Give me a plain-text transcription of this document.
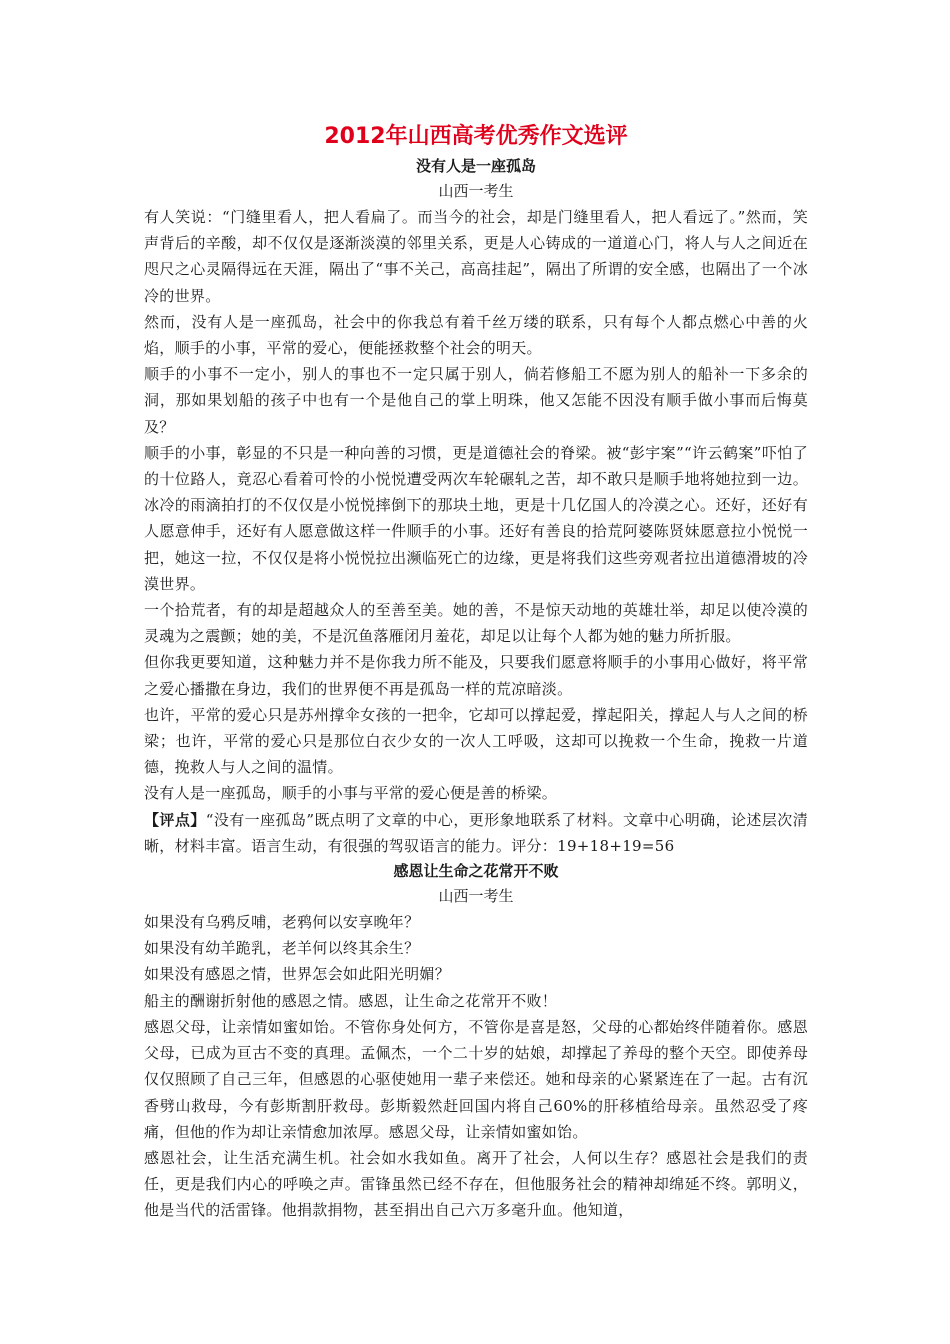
2012年山西高考优秀作文选评
没有人是一座孤岛
山西一考生

有人笑说：“门缝里看人，把人看扁了。而当今的社会，却是门缝里看人，把人看远了。”然而，笑声背后的辛酸，却不仅仅是逐渐淡漠的邻里关系，更是人心铸成的一道道心门，将人与人之间近在咫尺之心灵隔得远在天涯，隔出了“事不关己，高高挂起”，隔出了所谓的安全感，也隔出了一个冰冷的世界。

然而，没有人是一座孤岛，社会中的你我总有着千丝万缕的联系，只有每个人都点燃心中善的火焰，顺手的小事，平常的爱心，便能拯救整个社会的明天。

顺手的小事不一定小，别人的事也不一定只属于别人，倘若修船工不愿为别人的船补一下多余的洞，那如果划船的孩子中也有一个是他自己的掌上明珠，他又怎能不因没有顺手做小事而后悔莫及？

顺手的小事，彰显的不只是一种向善的习惯，更是道德社会的脊梁。被“彭宇案”“许云鹤案”吓怕了的十位路人，竟忍心看着可怜的小悦悦遭受两次车轮碾轧之苦，却不敢只是顺手地将她拉到一边。冰冷的雨滴拍打的不仅仅是小悦悦摔倒下的那块土地，更是十几亿国人的冷漠之心。还好，还好有人愿意伸手，还好有人愿意做这样一件顺手的小事。还好有善良的拾荒阿婆陈贤妹愿意拉小悦悦一把，她这一拉，不仅仅是将小悦悦拉出濒临死亡的边缘，更是将我们这些旁观者拉出道德滑坡的冷漠世界。

一个拾荒者，有的却是超越众人的至善至美。她的善，不是惊天动地的英雄壮举，却足以使冷漠的灵魂为之震颤；她的美，不是沉鱼落雁闭月羞花，却足以让每个人都为她的魅力所折服。

但你我更要知道，这种魅力并不是你我力所不能及，只要我们愿意将顺手的小事用心做好，将平常之爱心播撒在身边，我们的世界便不再是孤岛一样的荒凉暗淡。

也许，平常的爱心只是苏州撑伞女孩的一把伞，它却可以撑起爱，撑起阳关，撑起人与人之间的桥梁；也许，平常的爱心只是那位白衣少女的一次人工呼吸，这却可以挽救一个生命，挽救一片道德，挽救人与人之间的温情。

没有人是一座孤岛，顺手的小事与平常的爱心便是善的桥梁。

【评点】“没有一座孤岛”既点明了文章的中心，更形象地联系了材料。文章中心明确，论述层次清晰，材料丰富。语言生动，有很强的驾驭语言的能力。评分：19+18+19=56

感恩让生命之花常开不败
山西一考生

如果没有乌鸦反哺，老鸦何以安享晚年？

如果没有幼羊跪乳，老羊何以终其余生？

如果没有感恩之情，世界怎会如此阳光明媚？

船主的酬谢折射他的感恩之情。感恩，让生命之花常开不败！

感恩父母，让亲情如蜜如饴。不管你身处何方，不管你是喜是怒，父母的心都始终伴随着你。感恩父母，已成为亘古不变的真理。孟佩杰，一个二十岁的姑娘，却撑起了养母的整个天空。即使养母仅仅照顾了自己三年，但感恩的心驱使她用一辈子来偿还。她和母亲的心紧紧连在了一起。古有沉香劈山救母，今有彭斯割肝救母。彭斯毅然赶回国内将自己60%的肝移植给母亲。虽然忍受了疼痛，但他的作为却让亲情愈加浓厚。感恩父母，让亲情如蜜如饴。

感恩社会，让生活充满生机。社会如水我如鱼。离开了社会，人何以生存？感恩社会是我们的责任，更是我们内心的呼唤之声。雷锋虽然已经不存在，但他服务社会的精神却绵延不终。郭明义，他是当代的活雷锋。他捐款捐物，甚至捐出自己六万多毫升血。他知道，
